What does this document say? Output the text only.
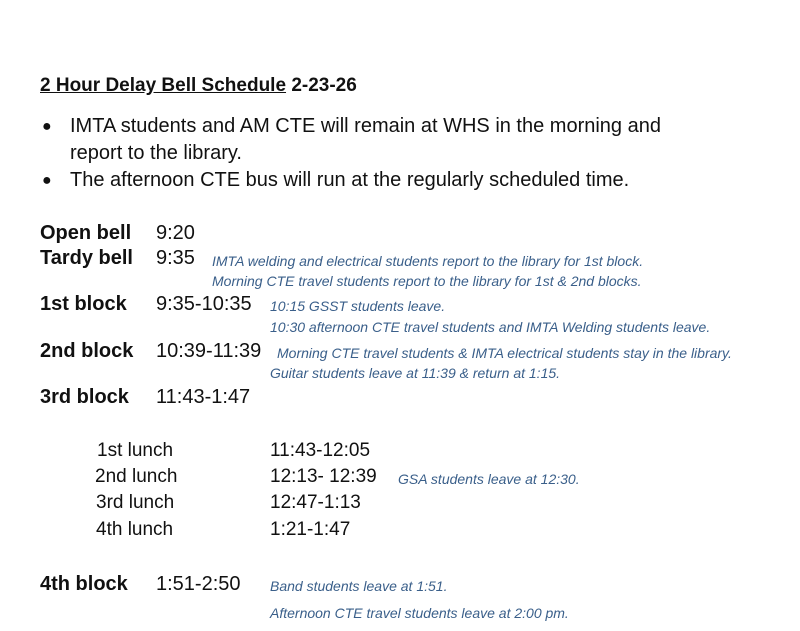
2 Hour Delay Bell Schedule 2-23-26
● IMTA students and AM CTE will remain at WHS in the morning and
report to the library.
● The afternoon CTE bus will run at the regularly scheduled time.
Open bell 9:20
Tardy bell 9:35 IMTA welding and electrical students report to the library for 1st block.
Morning CTE travel students report to the library for 1st & 2nd blocks.
1st block 9:35-10:35 10:15 GSST students leave.
10:30 afternoon CTE travel students and IMTA Welding students leave.
2nd block 10:39-11:39 Morning CTE travel students & IMTA electrical students stay in the library.
Guitar students leave at 11:39 & return at 1:15.
3rd block 11:43-1:47
1st lunch	11:43-12:05
2nd lunch	12:13- 12:39 GSA students leave at 12:30.
3rd lunch	12:47-1:13
4th lunch	1:21-1:47
4th block 1:51-2:50 Band students leave at 1:51.
Afternoon CTE travel students leave at 2:00 pm.
